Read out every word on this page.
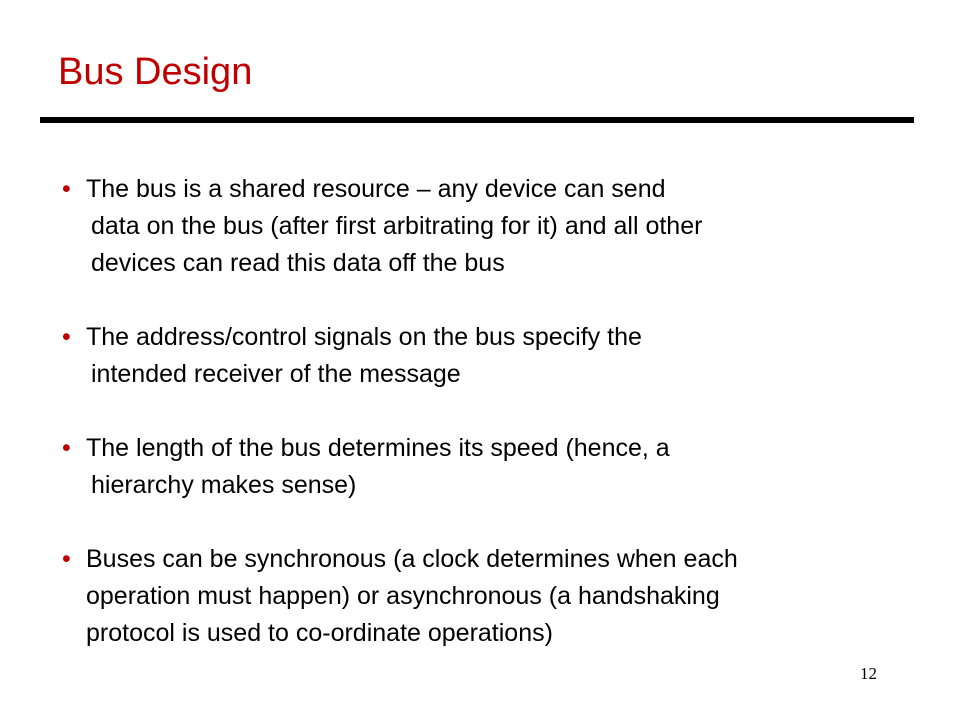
Bus Design
• The bus is a shared resource – any device can send
data on the bus (after first arbitrating for it) and all other
devices can read this data off the bus
• The address/control signals on the bus specify the
intended receiver of the message
• The length of the bus determines its speed (hence, a
hierarchy makes sense)
• Buses can be synchronous (a clock determines when each
operation must happen) or asynchronous (a handshaking
protocol is used to co-ordinate operations)
12
